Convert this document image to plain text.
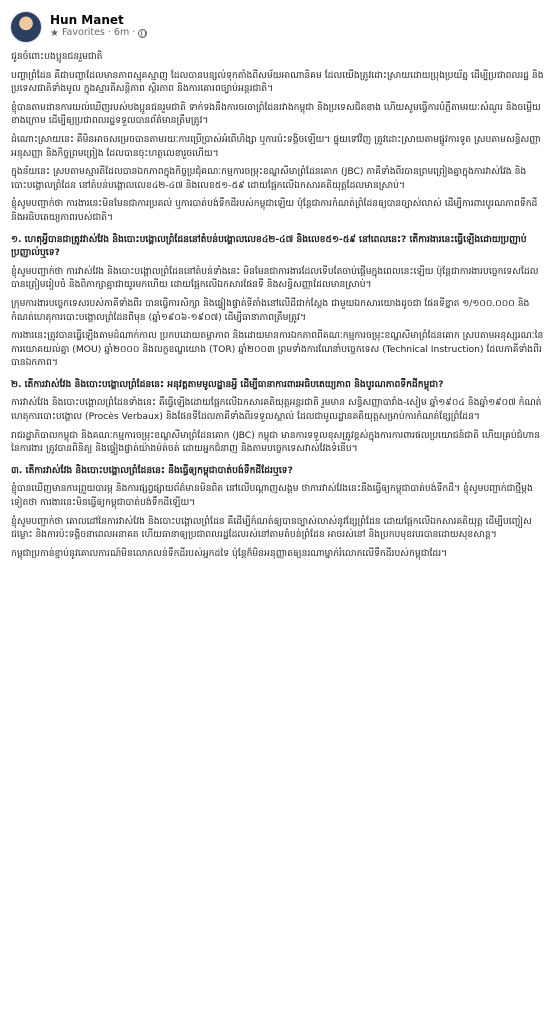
Hun Manet
★ Favorites · 6m ·

ជូនចំពោះបងប្អូនជនរួមជាតិ

បញ្ហាព្រំដែន គឺជាបញ្ហាដែលមានភាពស្មុគស្មាញ ដែលបានបន្សល់ទុកតាំងពីសម័យអាណានិគម ដែលយើងត្រូវដោះស្រាយដោយប្រុងប្រយ័ត្ន ដើម្បីប្រជាពលរដ្ឋ និងប្រទេសជាតិទាំងមូល ក្នុងស្មារតីសន្តិភាព ស្ថិរភាព និងការគោរពច្បាប់អន្តរជាតិ។

ខ្ញុំបានតាមដានការយល់ឃើញរបស់បងប្អូនជនរួមជាតិ ទាក់ទងនឹងការចរចាព្រំដែនរវាងកម្ពុជា និងប្រទេសជិតខាង ហើយសូមធ្វើការបំភ្លឺតាមរយៈសំណួរ និងចម្លើយខាងក្រោម ដើម្បីឲ្យប្រជាពលរដ្ឋទទួលបានព័ត៌មានត្រឹមត្រូវ។

ដំណោះស្រាយនេះ គឺមិនអាចសម្រេចបានតាមរយៈការប្រើប្រាស់អំពើហិង្សា ឬការប៉ះទង្គិចឡើយ។ ផ្ទុយទៅវិញ ត្រូវដោះស្រាយតាមផ្លូវការទូត ស្របតាមសន្ធិសញ្ញា អនុសញ្ញា និងកិច្ចព្រមព្រៀង ដែលបានចុះហត្ថលេខារួចហើយ។

ក្នុងន័យនេះ ស្របតាមស្មារតីដែលបានឯកភាពក្នុងកិច្ចប្រជុំគណៈកម្មការចម្រុះខណ្ឌសីមាព្រំដែនគោក (JBC) ភាគីទាំងពីរបានព្រមព្រៀងគ្នាក្នុងការវាស់វែង និងបោះបង្គោលព្រំដែន នៅតំបន់បង្គោលលេខ៤២-៤៧ និងលេខ៥១-៥៩ ដោយផ្អែកលើឯកសារគតិយុត្តដែលមានស្រាប់។

ខ្ញុំសូមបញ្ជាក់ថា ការងារនេះមិនមែនជាការប្រគល់ ឬការបាត់បង់ទឹកដីរបស់កម្ពុជាឡើយ ប៉ុន្តែជាការកំណត់ព្រំដែនឲ្យបានច្បាស់លាស់ ដើម្បីការពារបូរណភាពទឹកដី និងអធិបតេយ្យភាពរបស់ជាតិ។

១. ហេតុអ្វីបានជាត្រូវវាស់វែង និងបោះបង្គោលព្រំដែននៅតំបន់បង្គោលលេខ៤២-៤៧ និងលេខ៥១-៥៩ នៅពេលនេះ? តើការងារនេះធ្វើឡើងដោយប្រញាប់ប្រញាល់ឬទេ?

ខ្ញុំសូមបញ្ជាក់ថា ការវាស់វែង និងបោះបង្គោលព្រំដែននៅតំបន់ទាំងនេះ មិនមែនជាការងារដែលទើបតែចាប់ផ្តើមក្នុងពេលនេះឡើយ ប៉ុន្តែជាការងារបច្ចេកទេសដែលបានត្រៀមរៀបចំ និងពិភាក្សាគ្នាជាយូរមកហើយ ដោយផ្អែកលើឯកសារផែនទី និងសន្ធិសញ្ញាដែលមានស្រាប់។

ក្រុមការងារបច្ចេកទេសរបស់ភាគីទាំងពីរ បានធ្វើការសិក្សា និងផ្ទៀងផ្ទាត់ទីតាំងនៅលើដីជាក់ស្តែង ជាមួយឯកសារយោងដូចជា ផែនទីខ្នាត ១/១០០.០០០ និងកំណត់ហេតុការបោះបង្គោលព្រំដែនពីមុន (ឆ្នាំ១៩០៦-១៩០៧) ដើម្បីធានាភាពត្រឹមត្រូវ។

ការងារនេះត្រូវបានធ្វើឡើងតាមដំណាក់កាល ប្រកបដោយតម្លាភាព និងដោយមានការឯកភាពពីគណៈកម្មការចម្រុះខណ្ឌសីមាព្រំដែនគោក ស្របតាមអនុស្សរណៈនៃការយោគយល់គ្នា (MOU) ឆ្នាំ២០០០ និងលក្ខខណ្ឌយោង (TOR) ឆ្នាំ២០០៣ ព្រមទាំងការណែនាំបច្ចេកទេស (Technical Instruction) ដែលភាគីទាំងពីរបានឯកភាព។

២. តើការវាស់វែង និងបោះបង្គោលព្រំដែននេះ អនុវត្តតាមមូលដ្ឋានអ្វី ដើម្បីធានាការពារអធិបតេយ្យភាព និងបូរណភាពទឹកដីកម្ពុជា?

ការវាស់វែង និងបោះបង្គោលព្រំដែនទាំងនេះ គឺធ្វើឡើងដោយផ្អែកលើឯកសារគតិយុត្តអន្តរជាតិ រួមមាន សន្ធិសញ្ញាបារាំង-សៀម ឆ្នាំ១៩០៤ និងឆ្នាំ១៩០៧ កំណត់ហេតុការបោះបង្គោល (Procès Verbaux) និងផែនទីដែលភាគីទាំងពីរទទួលស្គាល់ ដែលជាមូលដ្ឋានគតិយុត្តសម្រាប់ការកំណត់ខ្សែព្រំដែន។

រាជរដ្ឋាភិបាលកម្ពុជា និងគណៈកម្មការចម្រុះខណ្ឌសីមាព្រំដែនគោក (JBC) កម្ពុជា មានការទទួលខុសត្រូវខ្ពស់ក្នុងការការពារផលប្រយោជន៍ជាតិ ហើយគ្រប់ជំហាននៃការងារ ត្រូវបានពិនិត្យ និងផ្ទៀងផ្ទាត់យ៉ាងម៉ត់ចត់ ដោយអ្នកជំនាញ និងតាមបច្ចេកទេសវាស់វែងទំនើប។

៣. តើការវាស់វែង និងបោះបង្គោលព្រំដែននេះ នឹងធ្វើឲ្យកម្ពុជាបាត់បង់ទឹកដីដែរឬទេ?

ខ្ញុំបានឃើញមានការព្រួយបារម្ភ និងការផ្សព្វផ្សាយព័ត៌មានមិនពិត នៅលើបណ្តាញសង្គម ថាការវាស់វែងនេះនឹងធ្វើឲ្យកម្ពុជាបាត់បង់ទឹកដី។ ខ្ញុំសូមបញ្ជាក់ជាថ្មីម្តងទៀតថា ការងារនេះមិនធ្វើឲ្យកម្ពុជាបាត់បង់ទឹកដីឡើយ។

ខ្ញុំសូមបញ្ជាក់ថា គោលដៅនៃការវាស់វែង និងបោះបង្គោលព្រំដែន គឺដើម្បីកំណត់ឲ្យបានច្បាស់លាស់នូវខ្សែព្រំដែន ដោយផ្អែកលើឯកសារគតិយុត្ត ដើម្បីបញ្ចៀសជម្លោះ និងការប៉ះទង្គិចនាពេលអនាគត ហើយធានាឲ្យប្រជាពលរដ្ឋដែលរស់នៅតាមតំបន់ព្រំដែន អាចរស់នៅ និងប្រកបមុខរបរបានដោយសុខសាន្ត។

កម្ពុជាប្រកាន់ខ្ជាប់នូវគោលការណ៍មិនលោភលន់ទឹកដីរបស់អ្នកដទៃ ប៉ុន្តែក៏មិនអនុញ្ញាតឲ្យនរណាម្នាក់រំលោភលើទឹកដីរបស់កម្ពុជាដែរ។
